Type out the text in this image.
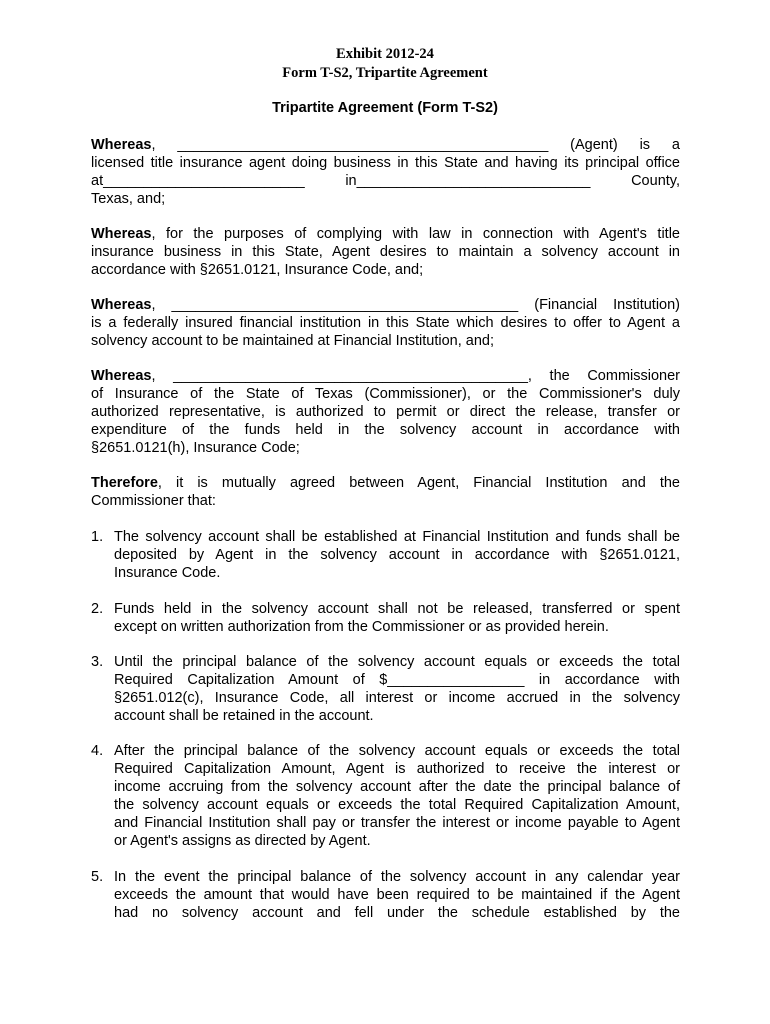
Exhibit 2012-24
Form T-S2, Tripartite Agreement
Tripartite Agreement (Form T-S2)
Whereas, ______________________________________________ (Agent) is a
licensed title insurance agent doing business in this State and having its principal office
at_________________________ in_____________________________ County,
Texas, and;
Whereas, for the purposes of complying with law in connection with Agent's title
insurance business in this State, Agent desires to maintain a solvency account in
accordance with §2651.0121, Insurance Code, and;
Whereas, ___________________________________________ (Financial Institution)
is a federally insured financial institution in this State which desires to offer to Agent a
solvency account to be maintained at Financial Institution, and;
Whereas, ____________________________________________, the Commissioner
of Insurance of the State of Texas (Commissioner), or the Commissioner's duly
authorized representative, is authorized to permit or direct the release, transfer or
expenditure of the funds held in the solvency account in accordance with
§2651.0121(h), Insurance Code;
Therefore, it is mutually agreed between Agent, Financial Institution and the
Commissioner that:
1. The solvency account shall be established at Financial Institution and funds shall be
deposited by Agent in the solvency account in accordance with §2651.0121,
Insurance Code.
2. Funds held in the solvency account shall not be released, transferred or spent
except on written authorization from the Commissioner or as provided herein.
3. Until the principal balance of the solvency account equals or exceeds the total
Required Capitalization Amount of $_________________ in accordance with
§2651.012(c), Insurance Code, all interest or income accrued in the solvency
account shall be retained in the account.
4. After the principal balance of the solvency account equals or exceeds the total
Required Capitalization Amount, Agent is authorized to receive the interest or
income accruing from the solvency account after the date the principal balance of
the solvency account equals or exceeds the total Required Capitalization Amount,
and Financial Institution shall pay or transfer the interest or income payable to Agent
or Agent's assigns as directed by Agent.
5. In the event the principal balance of the solvency account in any calendar year
exceeds the amount that would have been required to be maintained if the Agent
had no solvency account and fell under the schedule established by the
